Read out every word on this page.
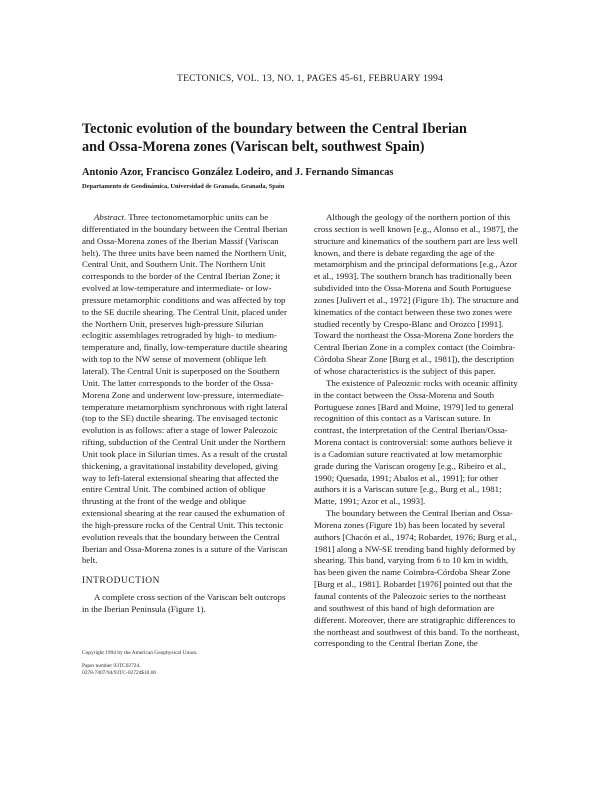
TECTONICS, VOL. 13, NO. 1, PAGES 45-61, FEBRUARY 1994
Tectonic evolution of the boundary between the Central Iberian
and Ossa-Morena zones (Variscan belt, southwest Spain)
Antonio Azor, Francisco González Lodeiro, and J. Fernando Simancas
Departamento de Geodinámica, Universidad de Granada, Granada, Spain

Abstract. Three tectonometamorphic units can be differentiated in the boundary between the Central Iberian and Ossa-Morena zones of the Iberian Massif (Variscan belt). The three units have been named the Northern Unit, Central Unit, and Southern Unit. The Northern Unit corresponds to the border of the Central Iberian Zone; it evolved at low-temperature and intermediate- or low-pressure metamorphic conditions and was affected by top to the SE ductile shearing. The Central Unit, placed under the Northern Unit, preserves high-pressure Silurian eclogitic assemblages retrograded by high- to medium-temperature and, finally, low-temperature ductile shearing with top to the NW sense of movement (oblique left lateral). The Central Unit is superposed on the Southern Unit. The latter corresponds to the border of the Ossa-Morena Zone and underwent low-pressure, intermediate-temperature metamorphism synchronous with right lateral (top to the SE) ductile shearing. The envisaged tectonic evolution is as follows: after a stage of lower Paleozoic rifting, subduction of the Central Unit under the Northern Unit took place in Silurian times. As a result of the crustal thickening, a gravitational instability developed, giving way to left-lateral extensional shearing that affected the entire Central Unit. The combined action of oblique thrusting at the front of the wedge and oblique extensional shearing at the rear caused the exhumation of the high-pressure rocks of the Central Unit. This tectonic evolution reveals that the boundary between the Central Iberian and Ossa-Morena zones is a suture of the Variscan belt.

INTRODUCTION

A complete cross section of the Variscan belt outcrops in the Iberian Peninsula (Figure 1).

Copyright 1994 by the American Geophysical Union.

Paper number 93TC02724.

0278-7407/94/93TC-02724$10.00

Although the geology of the northern portion of this cross section is well known [e.g., Alonso et al., 1987], the structure and kinematics of the southern part are less well known, and there is debate regarding the age of the metamorphism and the principal deformations [e.g., Azor et al., 1993]. The southern branch has traditionally been subdivided into the Ossa-Morena and South Portuguese zones [Julivert et al., 1972] (Figure 1b). The structure and kinematics of the contact between these two zones were studied recently by Crespo-Blanc and Orozco [1991]. Toward the northeast the Ossa-Morena Zone borders the Central Iberian Zone in a complex contact (the Coimbra-Córdoba Shear Zone [Burg et al., 1981]), the description of whose characteristics is the subject of this paper.

The existence of Paleozoic rocks with oceanic affinity in the contact between the Ossa-Morena and South Portuguese zones [Bard and Moine, 1979] led to general recognition of this contact as a Variscan suture. In contrast, the interpretation of the Central Iberian/Ossa-Morena contact is controversial: some authors believe it is a Cadomian suture reactivated at low metamorphic grade during the Variscan orogeny [e.g., Ribeiro et al., 1990; Quesada, 1991; Abalos et al., 1991]; for other authors it is a Variscan suture [e.g., Burg et al., 1981; Matte, 1991; Azor et al., 1993].

The boundary between the Central Iberian and Ossa-Morena zones (Figure 1b) has been located by several authors [Chacón et al., 1974; Robardet, 1976; Burg et al., 1981] along a NW-SE trending band highly deformed by shearing. This band, varying from 6 to 10 km in width, has been given the name Coimbra-Córdoba Shear Zone [Burg et al., 1981]. Robardet [1976] pointed out that the faunal contents of the Paleozoic series to the northeast and southwest of this band of high deformation are different. Moreover, there are stratigraphic differences to the northeast and southwest of this band. To the northeast, corresponding to the Central Iberian Zone, the
